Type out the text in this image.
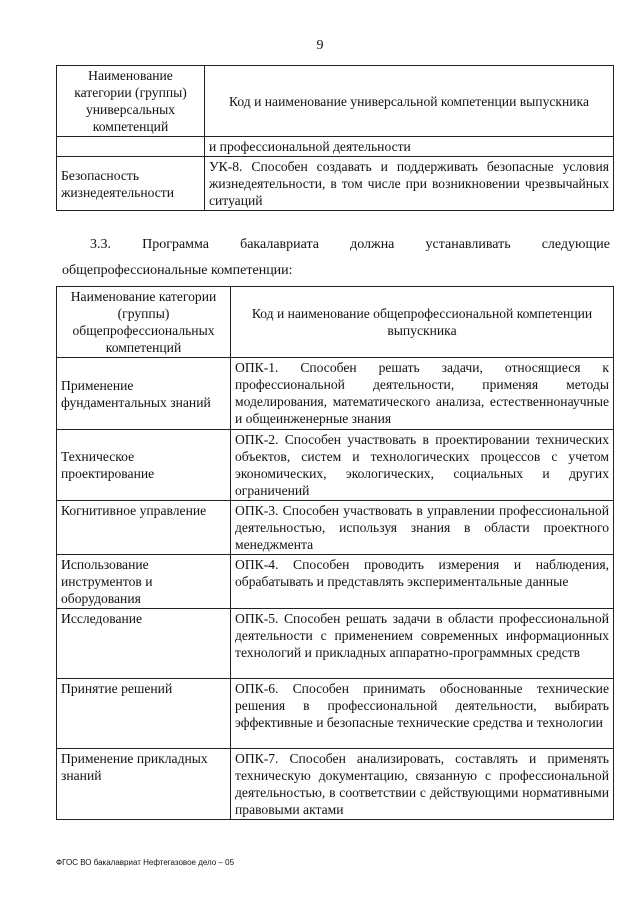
9
Наименование категории (группы) универсальных компетенций	Код и наименование универсальной компетенции выпускника
	и профессиональной деятельности
Безопасность жизнедеятельности	УК-8. Способен создавать и поддерживать безопасные условия жизнедеятельности, в том числе при возникновении чрезвычайных ситуаций
3.3. Программа бакалавриата должна устанавливать следующие
общепрофессиональные компетенции:
Наименование категории (группы) общепрофессиональных компетенций	Код и наименование общепрофессиональной компетенции выпускника
Применение фундаментальных знаний	ОПК-1. Способен решать задачи, относящиеся к профессиональной деятельности, применяя методы моделирования, математического анализа, естественнонаучные и общеинженерные знания
Техническое проектирование	ОПК-2. Способен участвовать в проектировании технических объектов, систем и технологических процессов с учетом экономических, экологических, социальных и других ограничений
Когнитивное управление	ОПК-3. Способен участвовать в управлении профессиональной деятельностью, используя знания в области проектного менеджмента
Использование инструментов и оборудования	ОПК-4. Способен проводить измерения и наблюдения, обрабатывать и представлять экспериментальные данные
Исследование	ОПК-5. Способен решать задачи в области профессиональной деятельности с применением современных информационных технологий и прикладных аппаратно-программных средств
Принятие решений	ОПК-6. Способен принимать обоснованные технические решения в профессиональной деятельности, выбирать эффективные и безопасные технические средства и технологии
Применение прикладных знаний	ОПК-7. Способен анализировать, составлять и применять техническую документацию, связанную с профессиональной деятельностью, в соответствии с действующими нормативными правовыми актами
ФГОС ВО бакалавриат Нефтегазовое дело – 05
